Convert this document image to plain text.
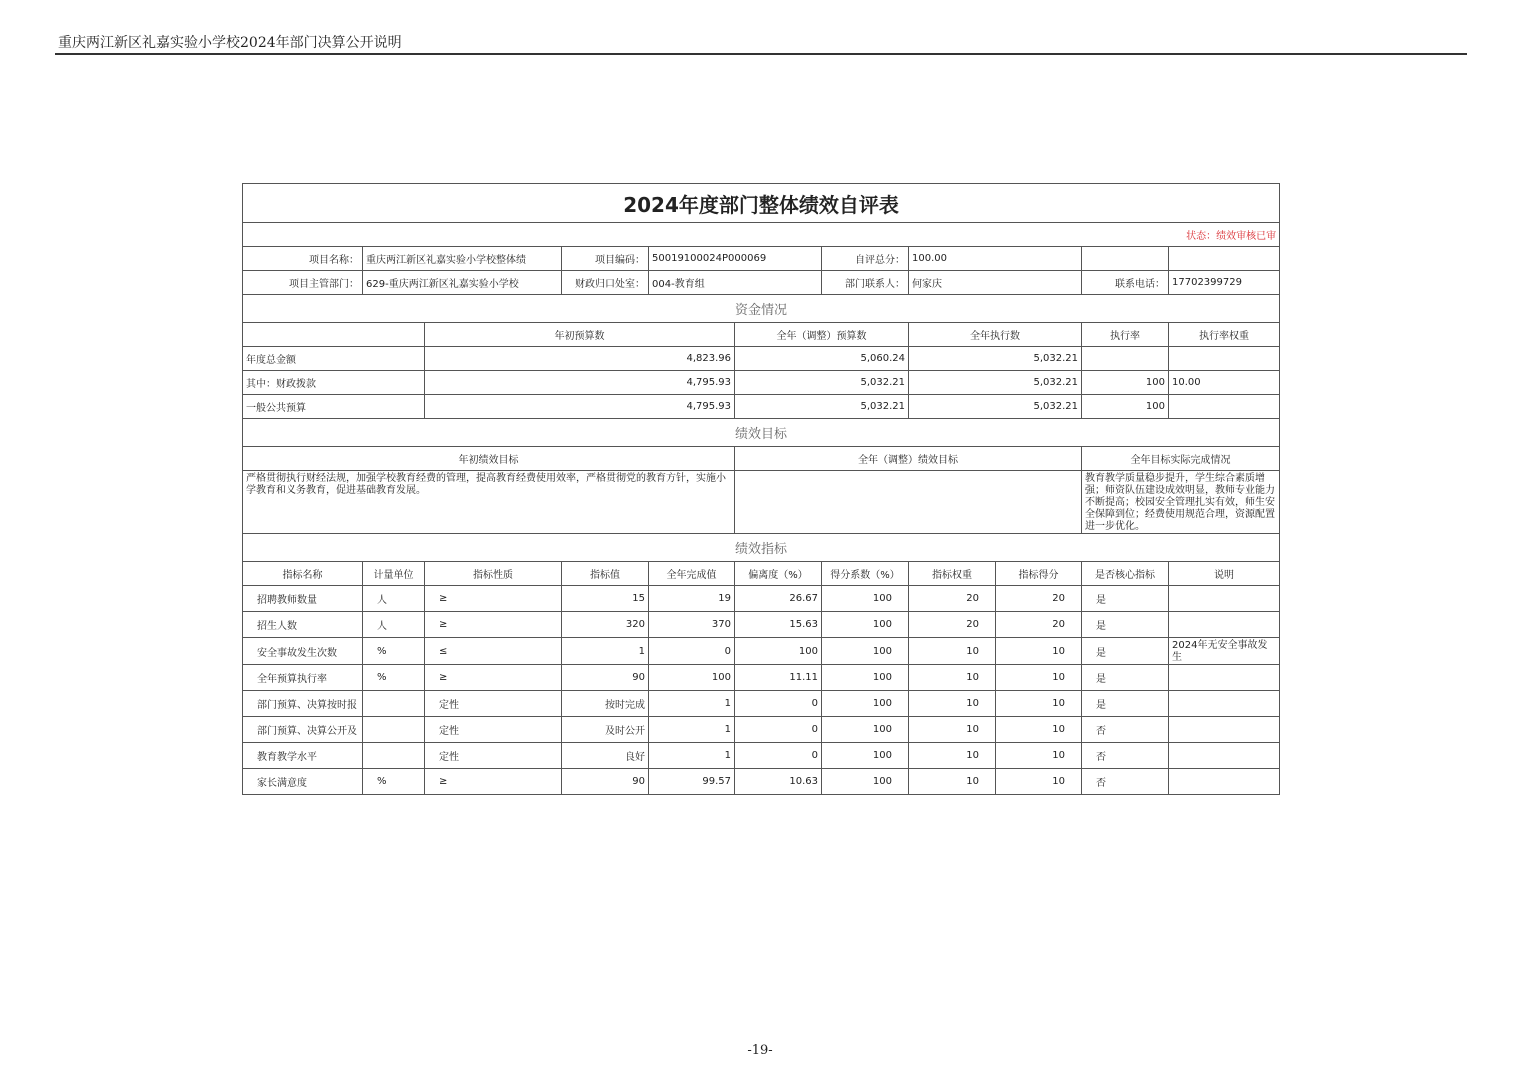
重庆两江新区礼嘉实验小学校2024年部门决算公开说明
2024年度部门整体绩效自评表											
状态：绩效审核已审											
项目名称：	重庆两江新区礼嘉实验小学校整体绩		项目编码：	50019100024P000069		自评总分：	100.00				
项目主管部门：	629-重庆两江新区礼嘉实验小学校		财政归口处室：	004-教育组		部门联系人：	何家庆		联系电话：	17702399729	
资金情况											
		年初预算数			全年（调整）预算数		全年执行数		执行率	执行率权重	
年度总金额		4,823.96			5,060.24		5,032.21				
其中：财政拨款		4,795.93			5,032.21		5,032.21		100	10.00	
一般公共预算		4,795.93			5,032.21		5,032.21		100		
绩效目标											
年初绩效目标					全年（调整）绩效目标				全年目标实际完成情况		
严格贯彻执行财经法规，加强学校教育经费的管理，提高教育经费使用效率，严格贯彻党的教育方针，实施小学教育和义务教育，促进基础教育发展。									教育教学质量稳步提升，学生综合素质增强；师资队伍建设成效明显，教师专业能力不断提高；校园安全管理扎实有效，师生安全保障到位；经费使用规范合理，资源配置进一步优化。		
绩效指标											
指标名称	计量单位	指标性质	指标值	全年完成值	偏离度（%）	得分系数（%）	指标权重	指标得分	是否核心指标	说明	
招聘教师数量	人	≥	15	19	26.67	100	20	20	是		
招生人数	人	≥	320	370	15.63	100	20	20	是		
安全事故发生次数	%	≤	1	0	100	100	10	10	是	2024年无安全事故发生	
全年预算执行率	%	≥	90	100	11.11	100	10	10	是		
部门预算、决算按时报		定性	按时完成	1	0	100	10	10	是		
部门预算、决算公开及		定性	及时公开	1	0	100	10	10	否		
教育教学水平		定性	良好	1	0	100	10	10	否		
家长满意度	%	≥	90	99.57	10.63	100	10	10	否		
-19-
